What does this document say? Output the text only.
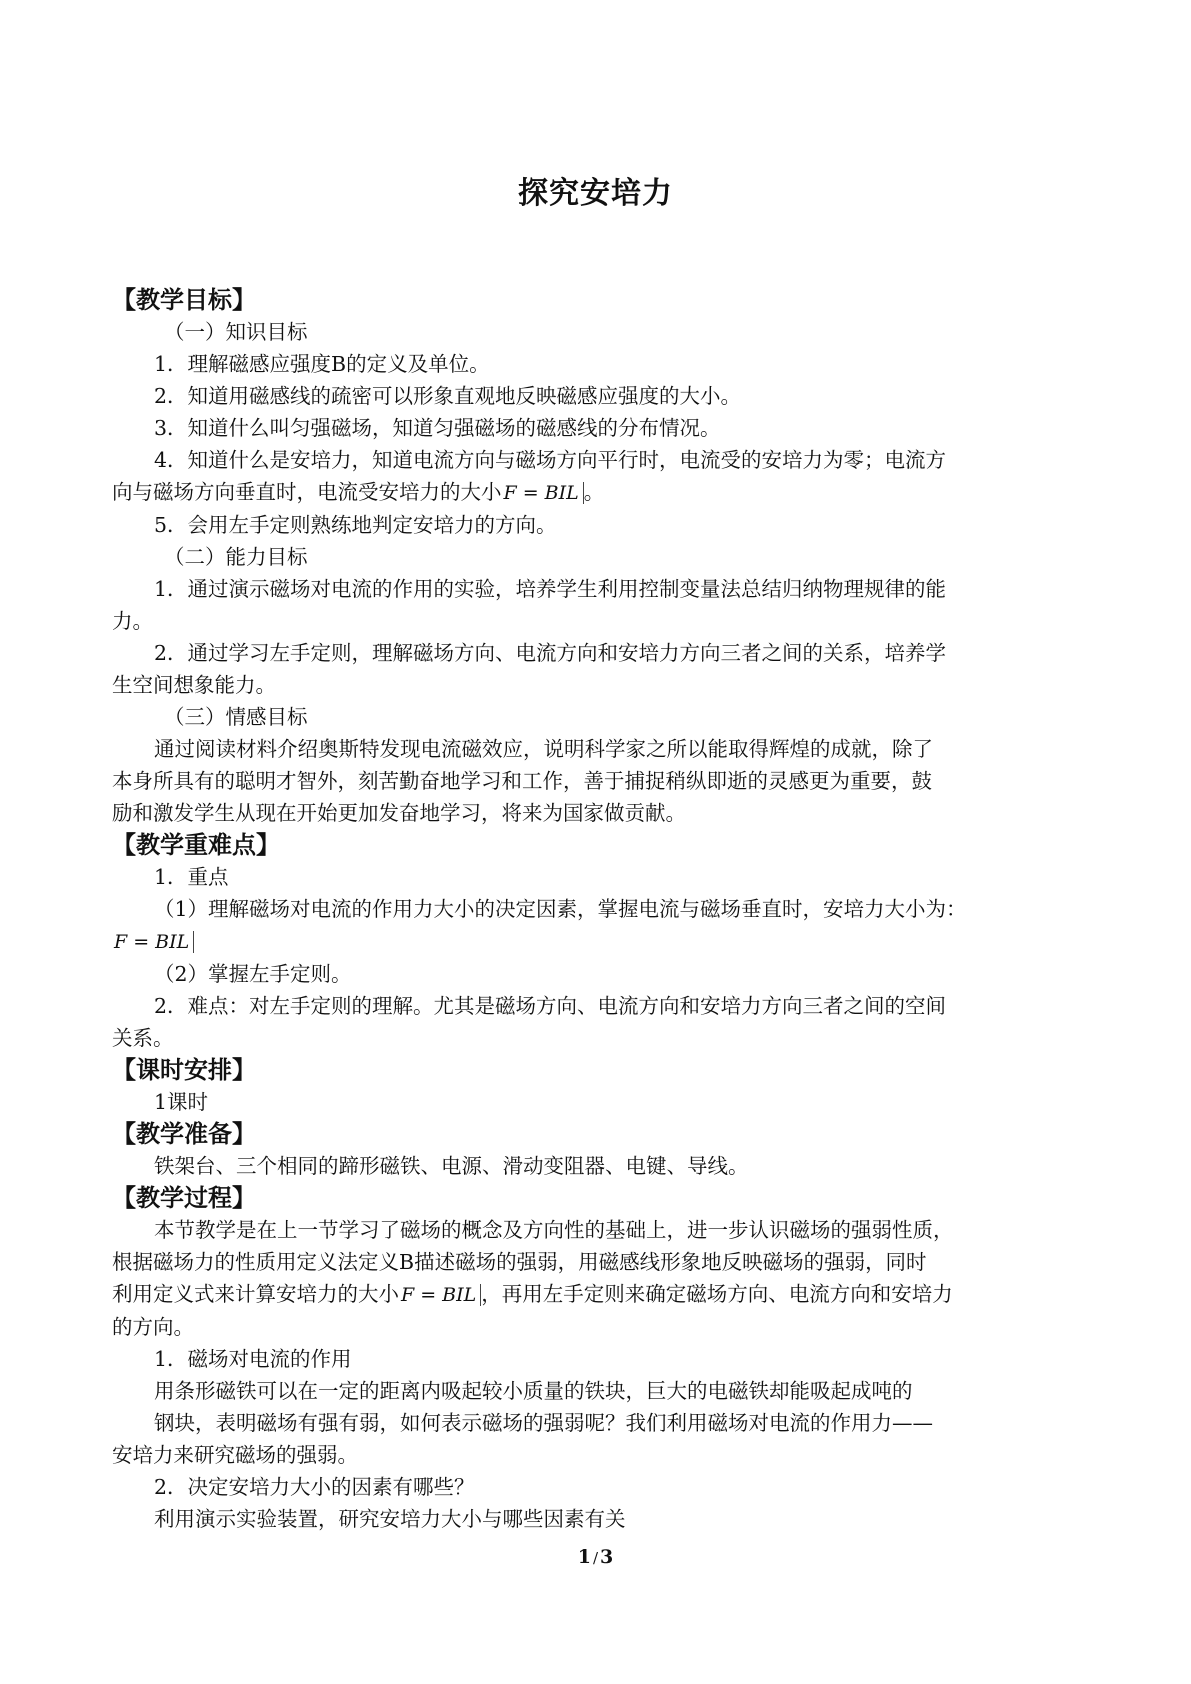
探究安培力

【教学目标】

（一）知识目标

1．理解磁感应强度B的定义及单位。

2．知道用磁感线的疏密可以形象直观地反映磁感应强度的大小。

3．知道什么叫匀强磁场，知道匀强磁场的磁感线的分布情况。

4．知道什么是安培力，知道电流方向与磁场方向平行时，电流受的安培力为零；电流方

向与磁场方向垂直时，电流受安培力的大小 F = BIL 。

5．会用左手定则熟练地判定安培力的方向。

（二）能力目标

1．通过演示磁场对电流的作用的实验，培养学生利用控制变量法总结归纳物理规律的能

力。

2．通过学习左手定则，理解磁场方向、电流方向和安培力方向三者之间的关系，培养学

生空间想象能力。

（三）情感目标

通过阅读材料介绍奥斯特发现电流磁效应，说明科学家之所以能取得辉煌的成就，除了

本身所具有的聪明才智外，刻苦勤奋地学习和工作，善于捕捉稍纵即逝的灵感更为重要，鼓

励和激发学生从现在开始更加发奋地学习，将来为国家做贡献。

【教学重难点】

1．重点

（1）理解磁场对电流的作用力大小的决定因素，掌握电流与磁场垂直时，安培力大小为：

F = BIL

（2）掌握左手定则。

2．难点：对左手定则的理解。尤其是磁场方向、电流方向和安培力方向三者之间的空间

关系。

【课时安排】

1课时

【教学准备】

铁架台、三个相同的蹄形磁铁、电源、滑动变阻器、电键、导线。

【教学过程】

本节教学是在上一节学习了磁场的概念及方向性的基础上，进一步认识磁场的强弱性质，

根据磁场力的性质用定义法定义B描述磁场的强弱，用磁感线形象地反映磁场的强弱，同时

利用定义式来计算安培力的大小 F = BIL ，再用左手定则来确定磁场方向、电流方向和安培力

的方向。

1．磁场对电流的作用

用条形磁铁可以在一定的距离内吸起较小质量的铁块，巨大的电磁铁却能吸起成吨的

钢块，表明磁场有强有弱，如何表示磁场的强弱呢？我们利用磁场对电流的作用力——

安培力来研究磁场的强弱。

2．决定安培力大小的因素有哪些？

利用演示实验装置，研究安培力大小与哪些因素有关

1 / 3
